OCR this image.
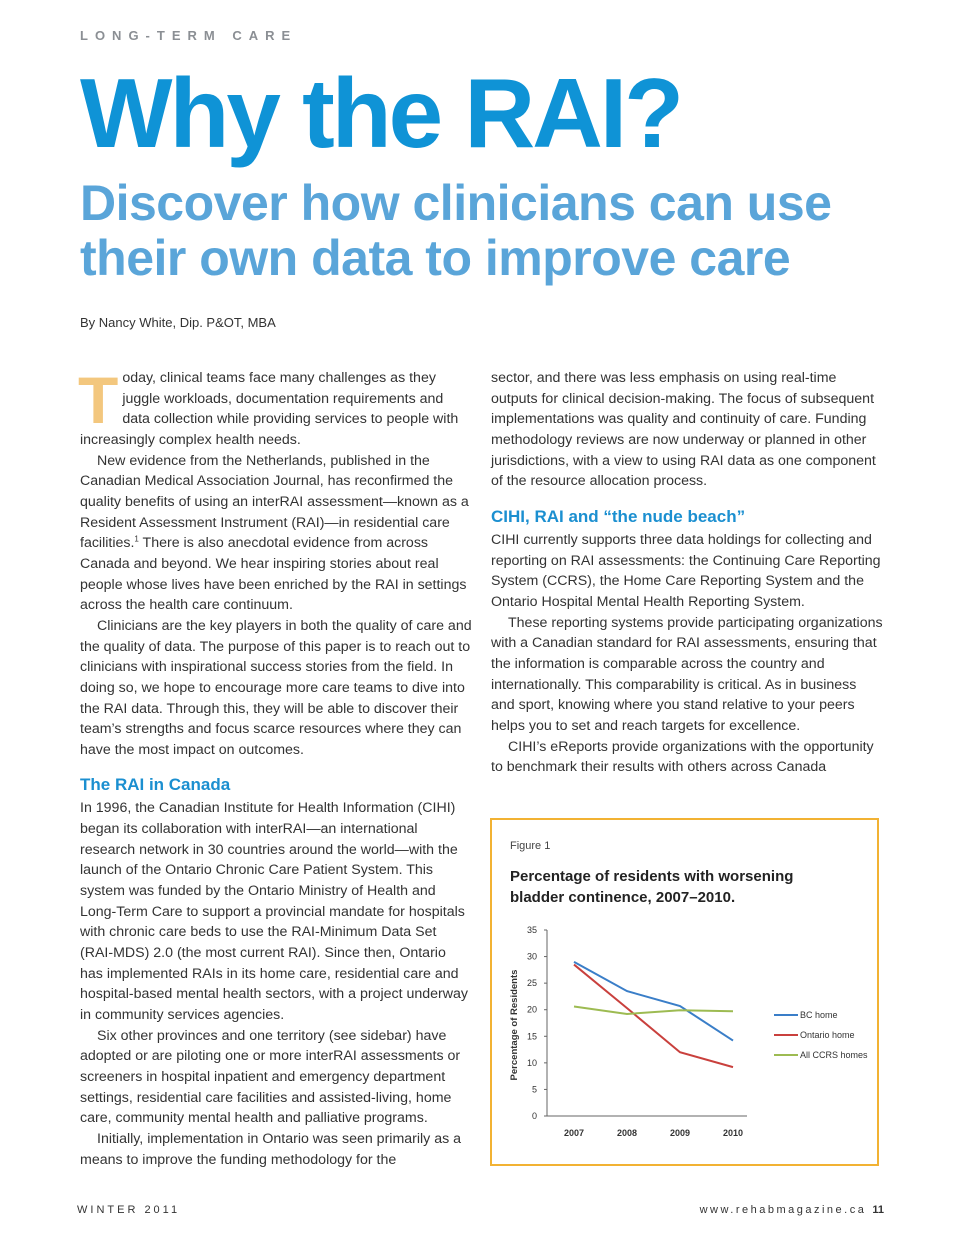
LONG-TERM CARE
Why the RAI?
Discover how clinicians can use their own data to improve care
By Nancy White, Dip. P&OT, MBA

Today, clinical teams face many challenges as they juggle workloads, documentation requirements and data collection while providing services to people with increasingly complex health needs.

New evidence from the Netherlands, published in the Canadian Medical Association Journal, has reconfirmed the quality benefits of using an interRAI assessment—known as a Resident Assessment Instrument (RAI)—in residential care facilities.$^1$ There is also anecdotal evidence from across Canada and beyond. We hear inspiring stories about real people whose lives have been enriched by the RAI in settings across the health care continuum.

Clinicians are the key players in both the quality of care and the quality of data. The purpose of this paper is to reach out to clinicians with inspirational success stories from the field. In doing so, we hope to encourage more care teams to dive into the RAI data. Through this, they will be able to discover their team’s strengths and focus scarce resources where they can have the most impact on outcomes.

The RAI in Canada

In 1996, the Canadian Institute for Health Information (CIHI) began its collaboration with interRAI—an international research network in 30 countries around the world—with the launch of the Ontario Chronic Care Patient System. This system was funded by the Ontario Ministry of Health and Long-Term Care to support a provincial mandate for hospitals with chronic care beds to use the RAI-Minimum Data Set (RAI-MDS) 2.0 (the most current RAI). Since then, Ontario has implemented RAIs in its home care, residential care and hospital-based mental health sectors, with a project underway in community services agencies.

Six other provinces and one territory (see sidebar) have adopted or are piloting one or more interRAI assessments or screeners in hospital inpatient and emergency department settings, residential care facilities and assisted-living, home care, community mental health and palliative programs.

Initially, implementation in Ontario was seen primarily as a means to improve the funding methodology for the

sector, and there was less emphasis on using real-time outputs for clinical decision-making. The focus of subsequent implementations was quality and continuity of care. Funding methodology reviews are now underway or planned in other jurisdictions, with a view to using RAI data as one component of the resource allocation process.

CIHI, RAI and “the nude beach”

CIHI currently supports three data holdings for collecting and reporting on RAI assessments: the Continuing Care Reporting System (CCRS), the Home Care Reporting System and the Ontario Hospital Mental Health Reporting System.

These reporting systems provide participating organizations with a Canadian standard for RAI assessments, ensuring that the information is comparable across the country and internationally. This comparability is critical. As in business and sport, knowing where you stand relative to your peers helps you to set and reach targets for excellence.

CIHI’s eReports provide organizations with the opportunity to benchmark their results with others across Canada

Figure 1
Percentage of residents with worsening bladder continence, 2007–2010.
Percentage of Residents
0
5
10
15
20
25
30
35
2007	2008	2009	2010
BC home
Ontario home
All CCRS homes
WINTER 2011	www.rehabmagazine.ca 11
